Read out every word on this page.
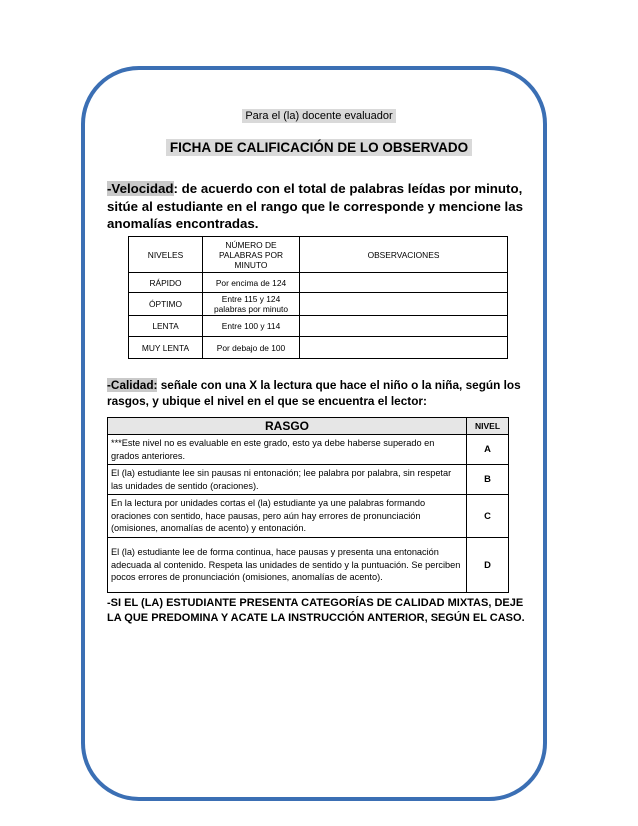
Para el (la) docente evaluador
FICHA DE CALIFICACIÓN DE LO OBSERVADO
-Velocidad: de acuerdo con el total de palabras leídas por minuto, sitúe al estudiante en el rango que le corresponde y mencione las anomalías encontradas.
NIVELES	NÚMERO DE PALABRAS POR MINUTO	OBSERVACIONES
RÁPIDO	Por encima de 124	
ÓPTIMO	Entre 115 y 124 palabras por minuto	
LENTA	Entre 100 y 114	
MUY LENTA	Por debajo de 100	
-Calidad: señale con una X la lectura que hace el niño o la niña, según los rasgos, y ubique el nivel en el que se encuentra el lector:
RASGO	NIVEL
***Este nivel no es evaluable en este grado, esto ya debe haberse superado en grados anteriores.	A
El (la) estudiante lee sin pausas ni entonación; lee palabra por palabra, sin respetar las unidades de sentido (oraciones).	B
En la lectura por unidades cortas el (la) estudiante ya une palabras formando oraciones con sentido, hace pausas, pero aún hay errores de pronunciación (omisiones, anomalías de acento) y entonación.	C
El (la) estudiante lee de forma continua, hace pausas y presenta una entonación adecuada al contenido. Respeta las unidades de sentido y la puntuación. Se perciben pocos errores de pronunciación (omisiones, anomalías de acento).	D
-SI EL (LA) ESTUDIANTE PRESENTA CATEGORÍAS DE CALIDAD MIXTAS, DEJE LA QUE PREDOMINA Y ACATE LA INSTRUCCIÓN ANTERIOR, SEGÚN EL CASO.
